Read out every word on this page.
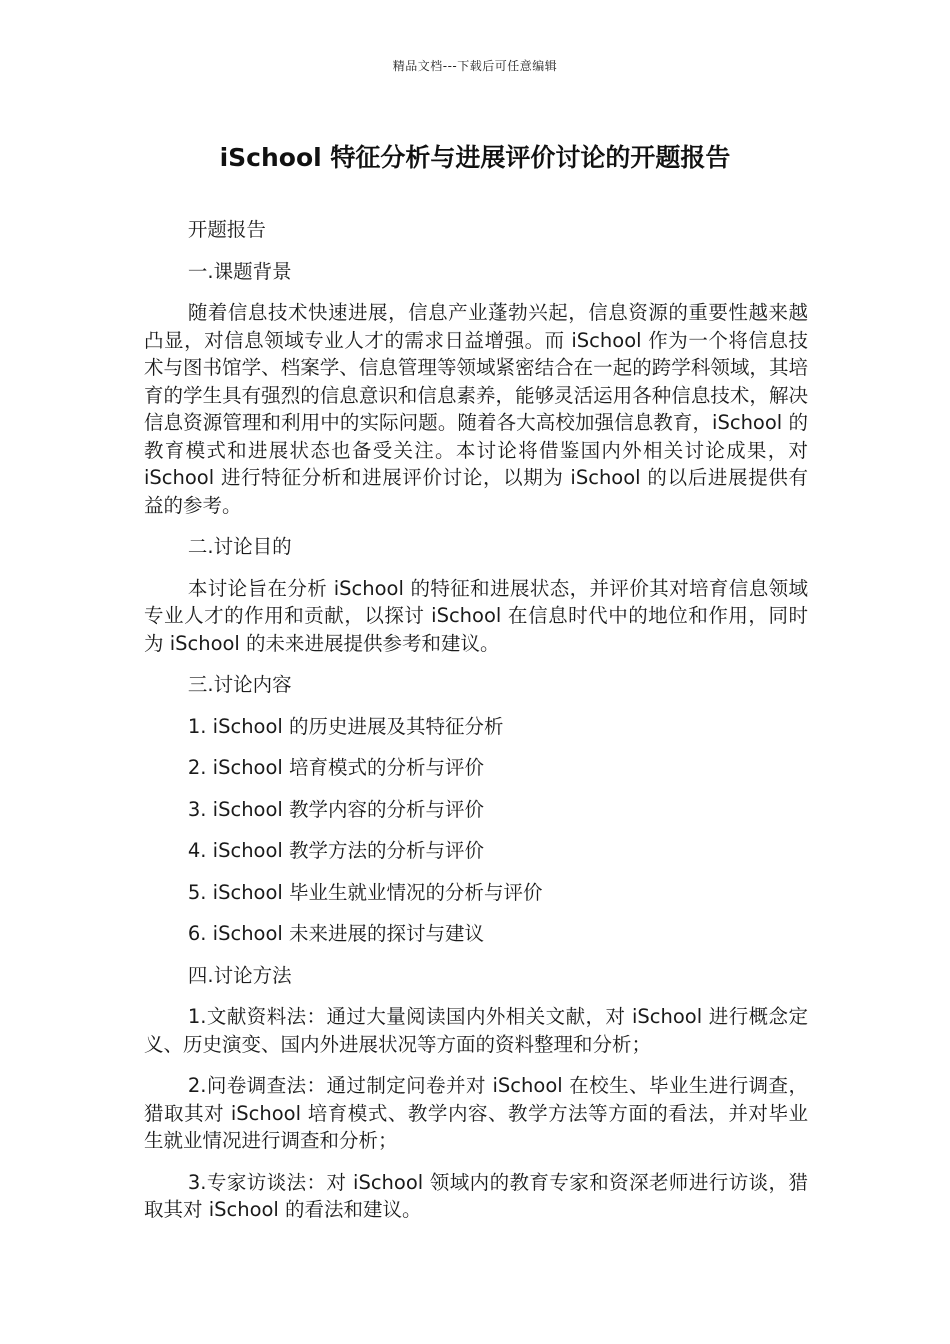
精品文档---下载后可任意编辑
iSchool 特征分析与进展评价讨论的开题报告

开题报告

一.课题背景

随着信息技术快速进展，信息产业蓬勃兴起，信息资源的重要性越来越凸显，对信息领域专业人才的需求日益增强。而 iSchool 作为一个将信息技术与图书馆学、档案学、信息管理等领域紧密结合在一起的跨学科领域，其培育的学生具有强烈的信息意识和信息素养，能够灵活运用各种信息技术，解决信息资源管理和利用中的实际问题。随着各大高校加强信息教育，iSchool 的教育模式和进展状态也备受关注。本讨论将借鉴国内外相关讨论成果，对 iSchool 进行特征分析和进展评价讨论，以期为 iSchool 的以后进展提供有益的参考。

二.讨论目的

本讨论旨在分析 iSchool 的特征和进展状态，并评价其对培育信息领域专业人才的作用和贡献，以探讨 iSchool 在信息时代中的地位和作用，同时为 iSchool 的未来进展提供参考和建议。

三.讨论内容

1. iSchool 的历史进展及其特征分析

2. iSchool 培育模式的分析与评价

3. iSchool 教学内容的分析与评价

4. iSchool 教学方法的分析与评价

5. iSchool 毕业生就业情况的分析与评价

6. iSchool 未来进展的探讨与建议

四.讨论方法

1.文献资料法：通过大量阅读国内外相关文献，对 iSchool 进行概念定义、历史演变、国内外进展状况等方面的资料整理和分析；

2.问卷调查法：通过制定问卷并对 iSchool 在校生、毕业生进行调查，猎取其对 iSchool 培育模式、教学内容、教学方法等方面的看法，并对毕业生就业情况进行调查和分析；

3.专家访谈法：对 iSchool 领域内的教育专家和资深老师进行访谈，猎取其对 iSchool 的看法和建议。
